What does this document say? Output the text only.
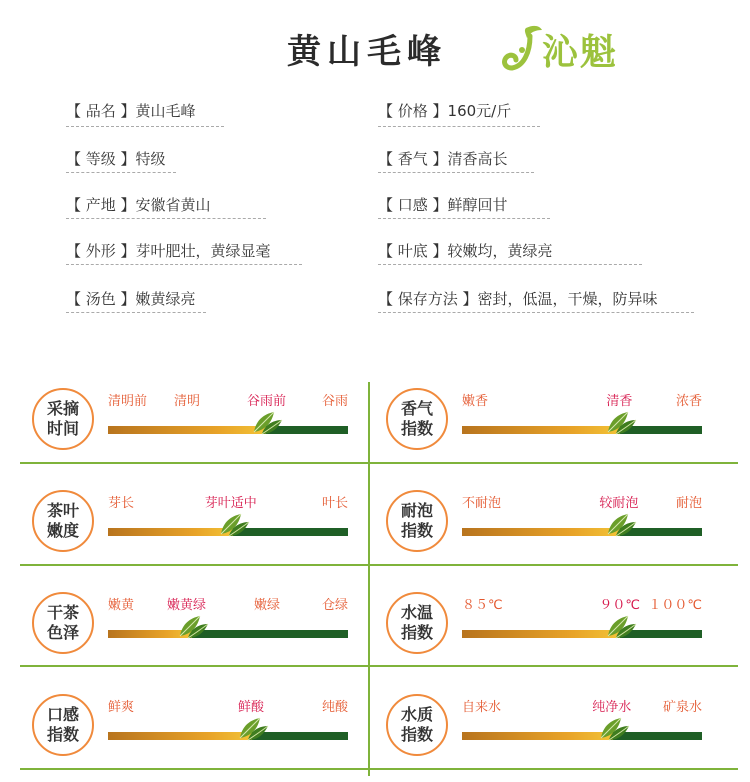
黄山毛峰	沁魁
【 品名 】黄山毛峰
【 等级 】特级
【 产地 】安徽省黄山
【 外形 】芽叶肥壮，黄绿显毫
【 汤色 】嫩黄绿亮
【 价格 】160元/斤
【 香气 】清香高长
【 口感 】鲜醇回甘
【 叶底 】较嫩均，黄绿亮
【 保存方法 】密封，低温，干燥，防异味
采摘
时间
清明前 清明	谷雨前	谷雨	香气
指数
嫩香	清香	浓香
茶叶
嫩度
芽长	芽叶适中	叶长	耐泡
指数
不耐泡	较耐泡	耐泡
干茶
色泽
嫩黄	嫩黄绿	嫩绿	仓绿	水温
指数
８５℃	９０℃ １００℃
口感
指数
鲜爽	鲜酸	纯酸	水质
指数
自来水	纯净水 矿泉水
